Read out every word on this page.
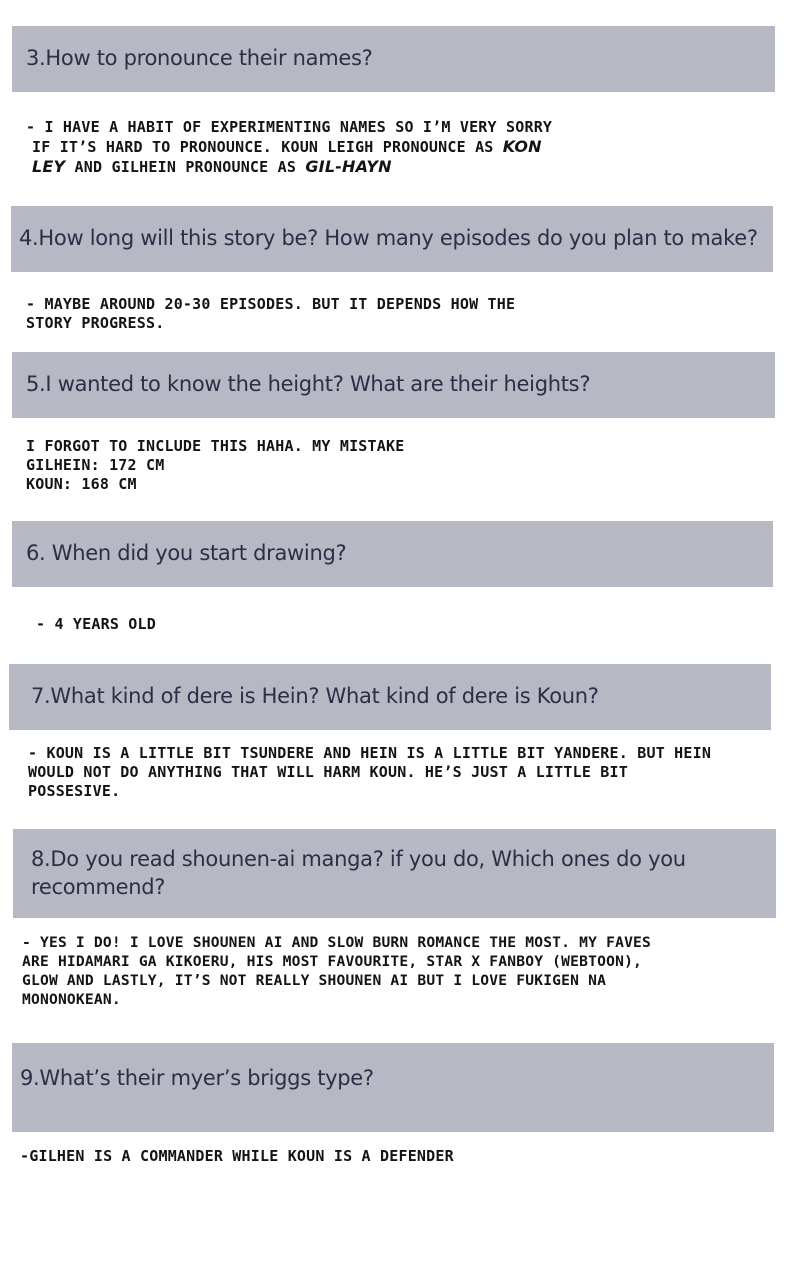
3.How to pronounce their names?
- I HAVE A HABIT OF EXPERIMENTING NAMES SO I’M VERY SORRY
IF IT’S HARD TO PRONOUNCE. KOUN LEIGH PRONOUNCE AS KON
LEY AND GILHEIN PRONOUNCE AS GIL-HAYN
4.How long will this story be? How many episodes do you plan to make?
- MAYBE AROUND 20-30 EPISODES. BUT IT DEPENDS HOW THE
STORY PROGRESS.
5.I wanted to know the height? What are their heights?
I FORGOT TO INCLUDE THIS HAHA. MY MISTAKE
GILHEIN: 172 CM
KOUN: 168 CM
6. When did you start drawing?
- 4 YEARS OLD
7.What kind of dere is Hein? What kind of dere is Koun?
- KOUN IS A LITTLE BIT TSUNDERE AND HEIN IS A LITTLE BIT YANDERE. BUT HEIN
WOULD NOT DO ANYTHING THAT WILL HARM KOUN. HE’S JUST A LITTLE BIT
POSSESIVE.
8.Do you read shounen-ai manga? if you do, Which ones do you recommend?
- YES I DO! I LOVE SHOUNEN AI AND SLOW BURN ROMANCE THE MOST. MY FAVES
ARE HIDAMARI GA KIKOERU, HIS MOST FAVOURITE, STAR X FANBOY (WEBTOON),
GLOW AND LASTLY, IT’S NOT REALLY SHOUNEN AI BUT I LOVE FUKIGEN NA
MONONOKEAN.
9.What’s their myer’s briggs type?
-GILHEN IS A COMMANDER WHILE KOUN IS A DEFENDER
